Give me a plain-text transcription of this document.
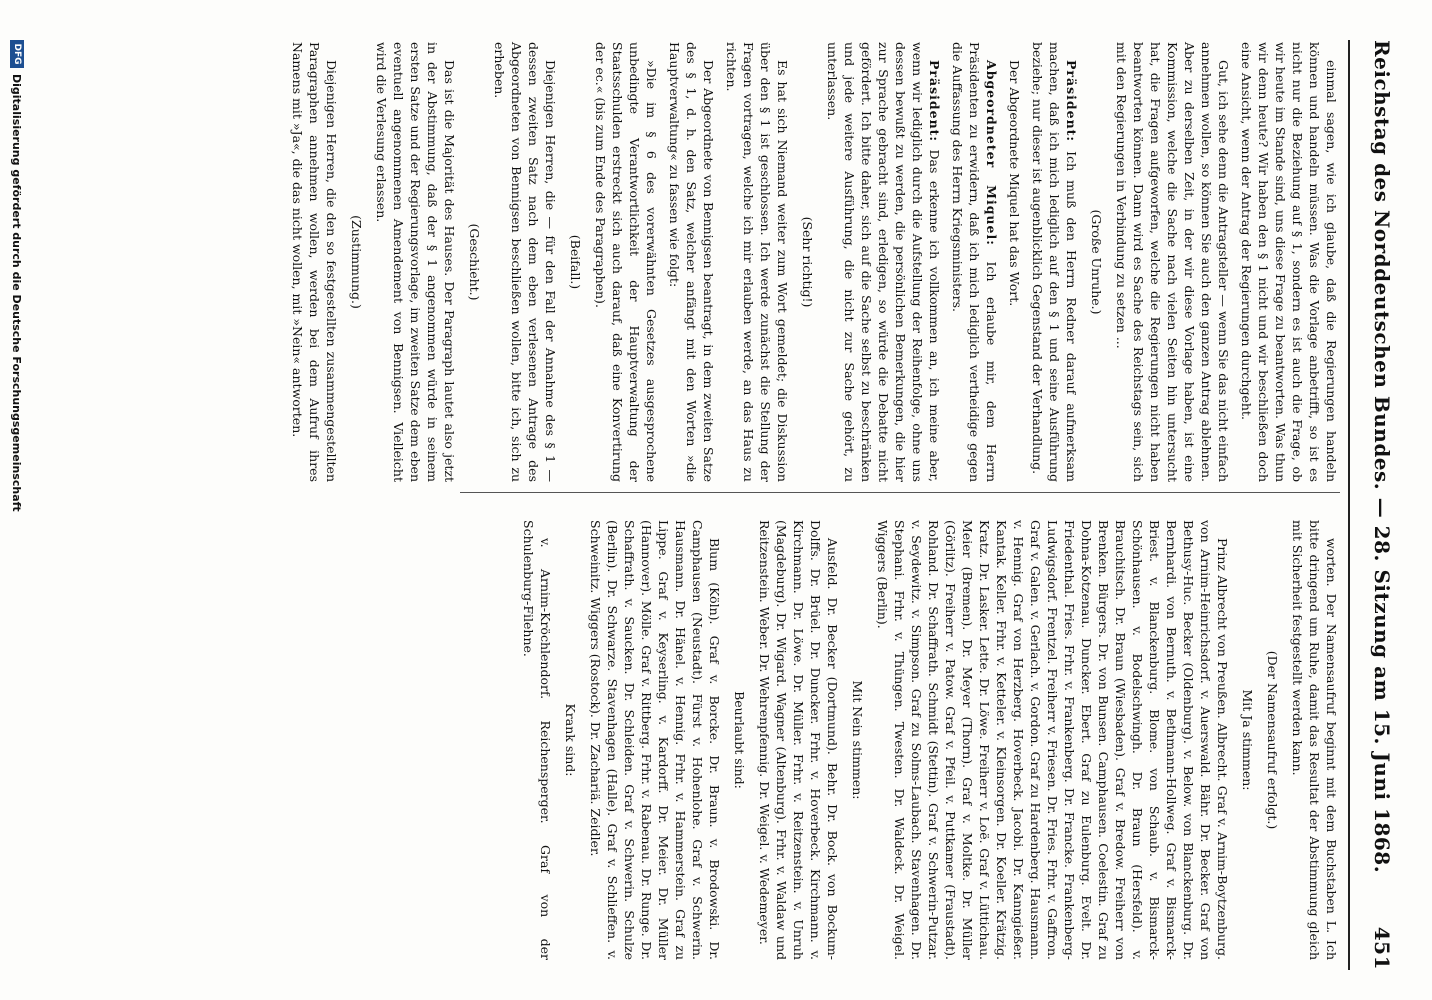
Reichstag des Norddeutschen Bundes. — 28. Sitzung am 15. Juni 1868.
451

einmal sagen, wie ich glaube, daß die Regierungen handeln können und handeln müssen. Was die Vorlage anbetrifft, so ist es nicht nur die Beziehung auf § 1, sondern es ist auch die Frage, ob wir heute im Stande sind, uns diese Frage zu beantworten. Was thun wir denn heute? Wir haben den § 1 nicht und wir beschließen doch eine Ansicht, wenn der Antrag der Regierungen durchgeht.

Gut, ich sehe denn die Antragsteller — wenn Sie das nicht einfach annehmen wollen, so können Sie auch den ganzen Antrag ablehnen. Aber zu derselben Zeit, in der wir diese Vorlage haben, ist eine Kommission, welche die Sache nach vielen Seiten hin untersucht hat, die Fragen aufgeworfen, welche die Regierungen nicht haben beantworten können. Dann wird es Sache des Reichstags sein, sich mit den Regierungen in Verbindung zu setzen ...

(Große Unruhe.)

Präsident: Ich muß den Herrn Redner darauf aufmerksam machen, daß ich mich lediglich auf den § 1 und seine Ausführung beziehe; nur dieser ist augenblicklich Gegenstand der Verhandlung.

Der Abgeordnete Miquel hat das Wort.

Abgeordneter Miquel: Ich erlaube mir, dem Herrn Präsidenten zu erwidern, daß ich mich lediglich vertheidige gegen die Auffassung des Herrn Kriegsministers.

Präsident: Das erkenne ich vollkommen an, ich meine aber, wenn wir lediglich durch die Aufstellung der Reihenfolge, ohne uns dessen bewußt zu werden, die persönlichen Bemerkungen, die hier zur Sprache gebracht sind, erledigen, so würde die Debatte nicht gefördert. Ich bitte daher, sich auf die Sache selbst zu beschränken und jede weitere Ausführung, die nicht zur Sache gehört, zu unterlassen.

(Sehr richtig!)

Es hat sich Niemand weiter zum Wort gemeldet; die Diskussion über den § 1 ist geschlossen. Ich werde zunächst die Stellung der Fragen vortragen, welche ich mir erlauben werde, an das Haus zu richten.

Der Abgeordnete von Bennigsen beantragt, in dem zweiten Satze des § 1, d. h. den Satz, welcher anfängt mit den Worten »die Hauptverwaltung« zu fassen wie folgt:

»Die im § 6 des vorerwähnten Gesetzes ausgesprochene unbedingte Verantwortlichkeit der Hauptverwaltung der Staatsschulden erstreckt sich auch darauf, daß eine Konvertirung der ec.« (bis zum Ende des Paragraphen).

(Beifall.)

Diejenigen Herren, die — für den Fall der Annahme des § 1 — dessen zweiten Satz nach dem eben verlesenen Antrage des Abgeordneten von Bennigsen beschließen wollen, bitte ich, sich zu erheben.

(Geschieht.)

Das ist die Majorität des Hauses. Der Paragraph lautet also jetzt in der Abstimmung, daß der § 1 angenommen würde in seinem ersten Satze und der Regierungsvorlage, im zweiten Satze dem eben eventuell angenommenen Amendement von Bennigsen. Vielleicht wird die Verlesung erlassen.

(Zustimmung.)

Diejenigen Herren, die den so festgestellten zusammengestellten Paragraphen annehmen wollen, werden bei dem Aufruf ihres Namens mit »Ja«, die das nicht wollen, mit »Nein« antworten.

worten. Der Namensaufruf beginnt mit dem Buchstaben L. Ich bitte dringend um Ruhe, damit das Resultat der Abstimmung gleich mit Sicherheit festgestellt werden kann.

(Der Namensaufruf erfolgt.)

Mit Ja stimmen:

Prinz Albrecht von Preußen. Albrecht. Graf v. Arnim-Boytzenburg. von Arnim-Heinrichsdorf. v. Auerswald. Bähr. Dr. Becker. Graf von Bethusy-Huc. Becker (Oldenburg). v. Below. von Blanckenburg. Dr. Bernhardi. von Bernuth. v. Bethmann-Hollweg. Graf v. Bismarck-Briest. v. Blanckenburg. Blome. von Schaub. v. Bismarck-Schönhausen. v. Bodelschwingh. Dr. Braun (Hersfeld). v. Brauchitsch. Dr. Braun (Wiesbaden). Graf v. Bredow. Freiherr von Brenken. Bürgers. Dr. von Bunsen. Camphausen. Coelestin. Graf zu Dohna-Kotzenau. Duncker. Ebert. Graf zu Eulenburg. Evelt. Dr. Friedenthal. Fries. Frhr. v. Frankenberg. Dr. Francke. Frankenberg-Ludwigsdorf. Frentzel. Freiherr v. Friesen. Dr. Fries. Frhr. v. Gaffron. Graf v. Galen. v. Gerlach. v. Gordon. Graf zu Hardenberg. Hausmann. v. Hennig. Graf von Herzberg. Hoverbeck. Jacobi. Dr. Kanngießer. Kantak. Keller. Frhr. v. Ketteler. v. Kleinsorgen. Dr. Koeller. Krätzig. Kratz. Dr. Lasker. Lette. Dr. Löwe. Freiherr v. Loë. Graf v. Lüttichau. Meier (Bremen). Dr. Meyer (Thorn). Graf v. Moltke. Dr. Müller (Görlitz). Freiherr v. Patow. Graf v. Pfeil. v. Puttkamer (Fraustadt). Rohland. Dr. Schaffrath. Schmidt (Stettin). Graf v. Schwerin-Putzar. v. Seydewitz. v. Simpson. Graf zu Solms-Laubach. Stavenhagen. Dr. Stephani. Frhr. v. Thüngen. Twesten. Dr. Waldeck. Dr. Weigel. Wiggers (Berlin).

Mit Nein stimmen:

Ausfeld. Dr. Becker (Dortmund). Behr. Dr. Bock. von Bockum-Dolffs. Dr. Brüel. Dr. Duncker. Frhr. v. Hoverbeck. Kirchmann. v. Kirchmann. Dr. Löwe. Dr. Müller. Frhr. v. Reitzenstein. v. Unruh (Magdeburg). Dr. Wigard. Wagner (Altenburg). Frhr. v. Waldaw und Reitzenstein. Weber. Dr. Wehrenpfennig. Dr. Weigel. v. Wedemeyer.

Beurlaubt sind:

Blum (Köln). Graf v. Borcke. Dr. Braun. v. Brodowski. Dr. Camphausen (Neustadt). Fürst v. Hohenlohe. Graf v. Schwerin. Hausmann. Dr. Hänel. v. Hennig. Frhr. v. Hammerstein. Graf zu Lippe. Graf v. Keyserling. v. Kardorff. Dr. Meier. Dr. Müller (Hannover). Mölle. Graf v. Rittberg. Frhr. v. Rabenau. Dr. Runge. Dr. Schaffrath. v. Saucken. Dr. Schleiden. Graf v. Schwerin. Schulze (Berlin). Dr. Schwarze. Stavenhagen (Halle). Graf v. Schlieffen. v. Schweinitz. Wiggers (Rostock). Dr. Zachariä. Zeidler.

Krank sind:

v. Arnim-Kröchlendorf. Reichensperger. Graf von der Schulenburg-Filehne.

DFG
Digitalisierung gefördert durch die Deutsche Forschungsgemeinschaft
